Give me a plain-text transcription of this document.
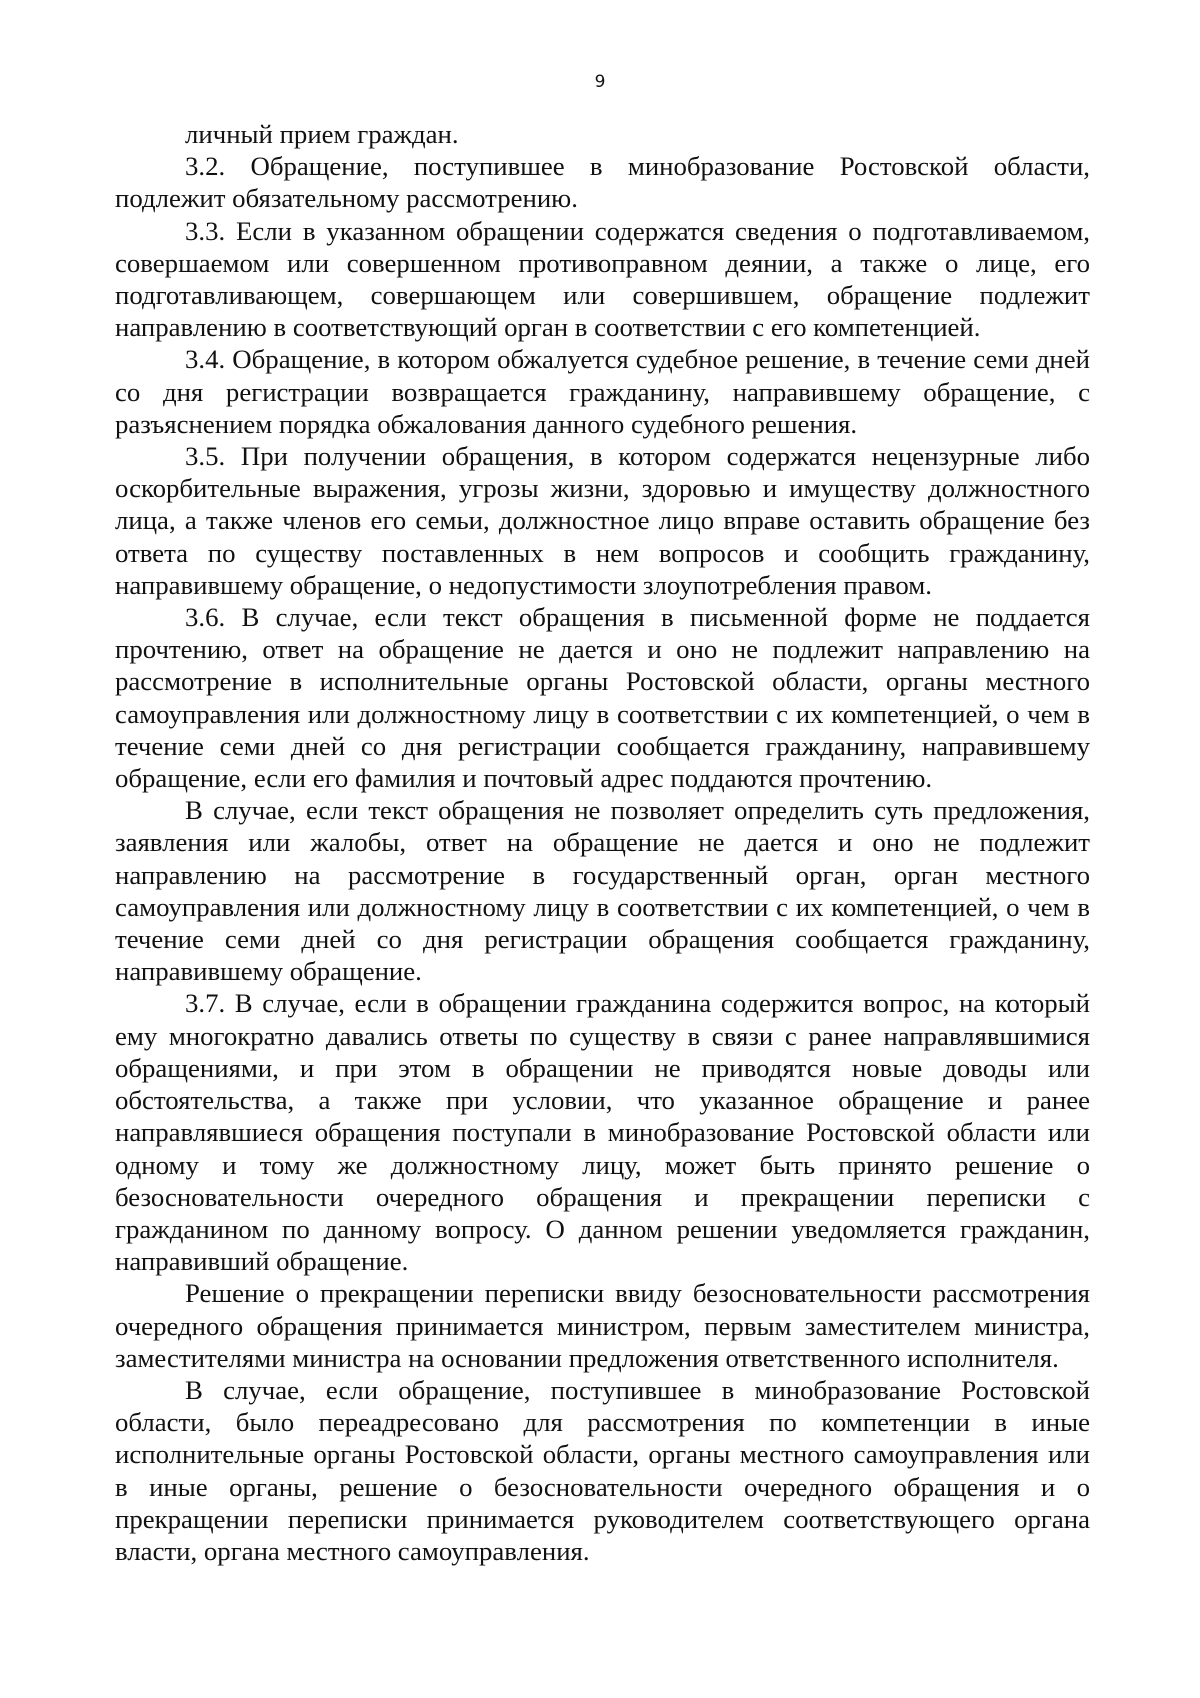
9

личный прием граждан.

3.2. Обращение, поступившее в минобразование Ростовской области, подлежит обязательному рассмотрению.

3.3. Если в указанном обращении содержатся сведения о подготавливаемом, совершаемом или совершенном противоправном деянии, а также о лице, его подготавливающем, совершающем или совершившем, обращение подлежит направлению в соответствующий орган в соответствии с его компетенцией.

3.4. Обращение, в котором обжалуется судебное решение, в течение семи дней со дня регистрации возвращается гражданину, направившему обращение, с разъяснением порядка обжалования данного судебного решения.

3.5. При получении обращения, в котором содержатся нецензурные либо оскорбительные выражения, угрозы жизни, здоровью и имуществу должностного лица, а также членов его семьи, должностное лицо вправе оставить обращение без ответа по существу поставленных в нем вопросов и сообщить гражданину, направившему обращение, о недопустимости злоупотребления правом.

3.6. В случае, если текст обращения в письменной форме не поддается прочтению, ответ на обращение не дается и оно не подлежит направлению на рассмотрение в исполнительные органы Ростовской области, органы местного самоуправления или должностному лицу в соответствии с их компетенцией, о чем в течение семи дней со дня регистрации сообщается гражданину, направившему обращение, если его фамилия и почтовый адрес поддаются прочтению.

В случае, если текст обращения не позволяет определить суть предложения, заявления или жалобы, ответ на обращение не дается и оно не подлежит направлению на рассмотрение в государственный орган, орган местного самоуправления или должностному лицу в соответствии с их компетенцией, о чем в течение семи дней со дня регистрации обращения сообщается гражданину, направившему обращение.

3.7. В случае, если в обращении гражданина содержится вопрос, на который ему многократно давались ответы по существу в связи с ранее направлявшимися обращениями, и при этом в обращении не приводятся новые доводы или обстоятельства, а также при условии, что указанное обращение и ранее направлявшиеся обращения поступали в минобразование Ростовской области или одному и тому же должностному лицу, может быть принято решение о безосновательности очередного обращения и прекращении переписки с гражданином по данному вопросу. О данном решении уведомляется гражданин, направивший обращение.

Решение о прекращении переписки ввиду безосновательности рассмотрения очередного обращения принимается министром, первым заместителем министра, заместителями министра на основании предложения ответственного исполнителя.

В случае, если обращение, поступившее в минобразование Ростовской области, было переадресовано для рассмотрения по компетенции в иные исполнительные органы Ростовской области, органы местного самоуправления или в иные органы, решение о безосновательности очередного обращения и о прекращении переписки принимается руководителем соответствующего органа власти, органа местного самоуправления.
